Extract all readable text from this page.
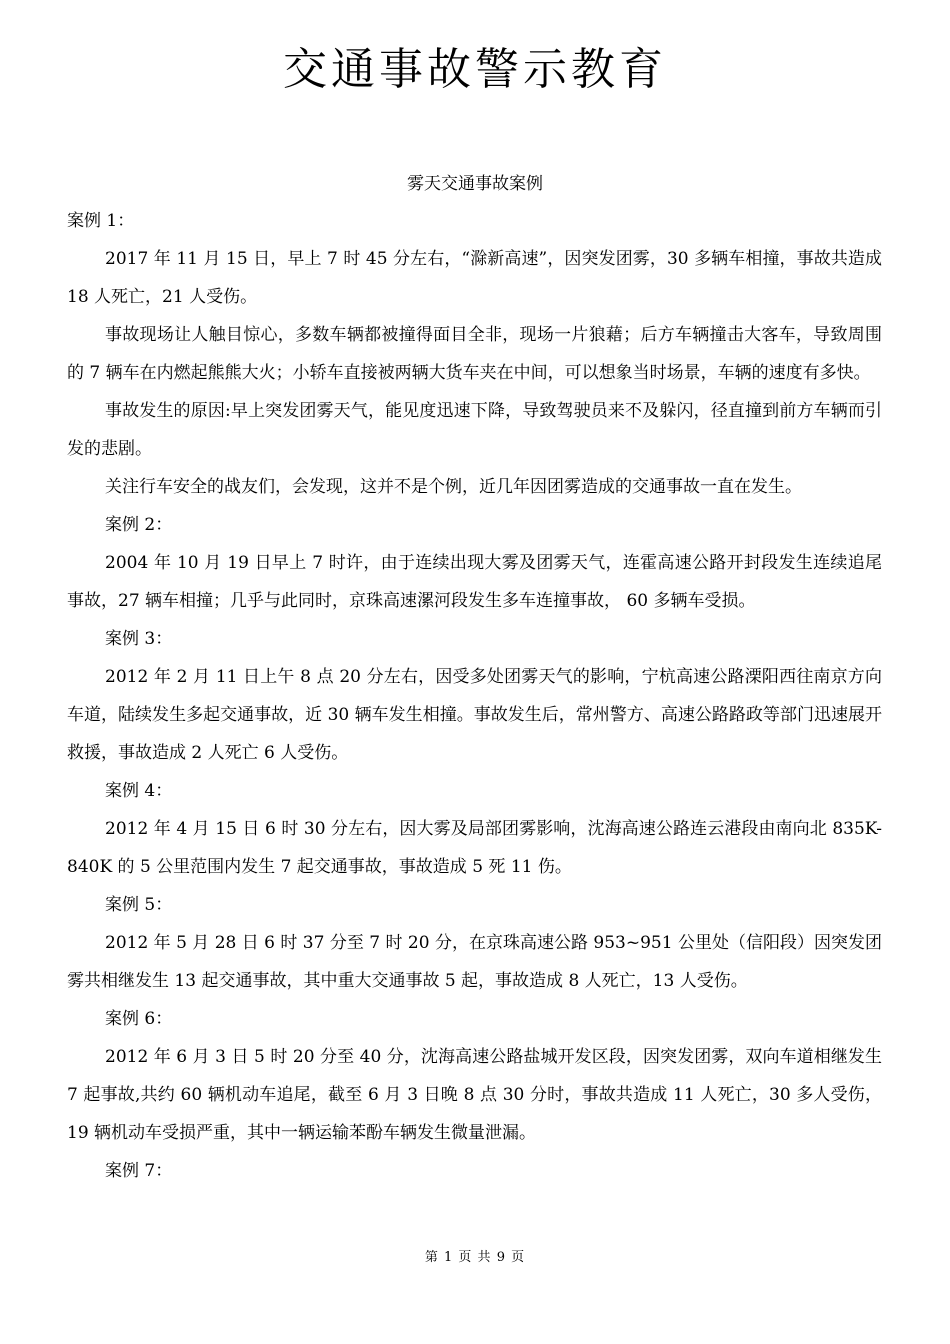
交通事故警示教育
雾天交通事故案例

案例 1：

2017 年 11 月 15 日，早上 7 时 45 分左右，“滁新高速”，因突发团雾，30 多辆车相撞，事故共造成 18 人死亡，21 人受伤。

事故现场让人触目惊心，多数车辆都被撞得面目全非，现场一片狼藉；后方车辆撞击大客车，导致周围的 7 辆车在内燃起熊熊大火；小轿车直接被两辆大货车夹在中间，可以想象当时场景，车辆的速度有多快。

事故发生的原因:早上突发团雾天气，能见度迅速下降，导致驾驶员来不及躲闪，径直撞到前方车辆而引发的悲剧。

关注行车安全的战友们，会发现，这并不是个例，近几年因团雾造成的交通事故一直在发生。

案例 2：

2004 年 10 月 19 日早上 7 时许，由于连续出现大雾及团雾天气，连霍高速公路开封段发生连续追尾事故，27 辆车相撞；几乎与此同时，京珠高速漯河段发生多车连撞事故， 60 多辆车受损。

案例 3：

2012 年 2 月 11 日上午 8 点 20 分左右，因受多处团雾天气的影响，宁杭高速公路溧阳西往南京方向车道，陆续发生多起交通事故，近 30 辆车发生相撞。事故发生后，常州警方、高速公路路政等部门迅速展开救援，事故造成 2 人死亡 6 人受伤。

案例 4：

2012 年 4 月 15 日 6 时 30 分左右，因大雾及局部团雾影响，沈海高速公路连云港段由南向北 835K-840K 的 5 公里范围内发生 7 起交通事故，事故造成 5 死 11 伤。

案例 5：

2012 年 5 月 28 日 6 时 37 分至 7 时 20 分，在京珠高速公路 953~951 公里处（信阳段）因突发团雾共相继发生 13 起交通事故，其中重大交通事故 5 起，事故造成 8 人死亡，13 人受伤。

案例 6：

2012 年 6 月 3 日 5 时 20 分至 40 分，沈海高速公路盐城开发区段，因突发团雾，双向车道相继发生 7 起事故,共约 60 辆机动车追尾，截至 6 月 3 日晚 8 点 30 分时，事故共造成 11 人死亡，30 多人受伤，19 辆机动车受损严重，其中一辆运输苯酚车辆发生微量泄漏。

案例 7：

第 1 页 共 9 页
